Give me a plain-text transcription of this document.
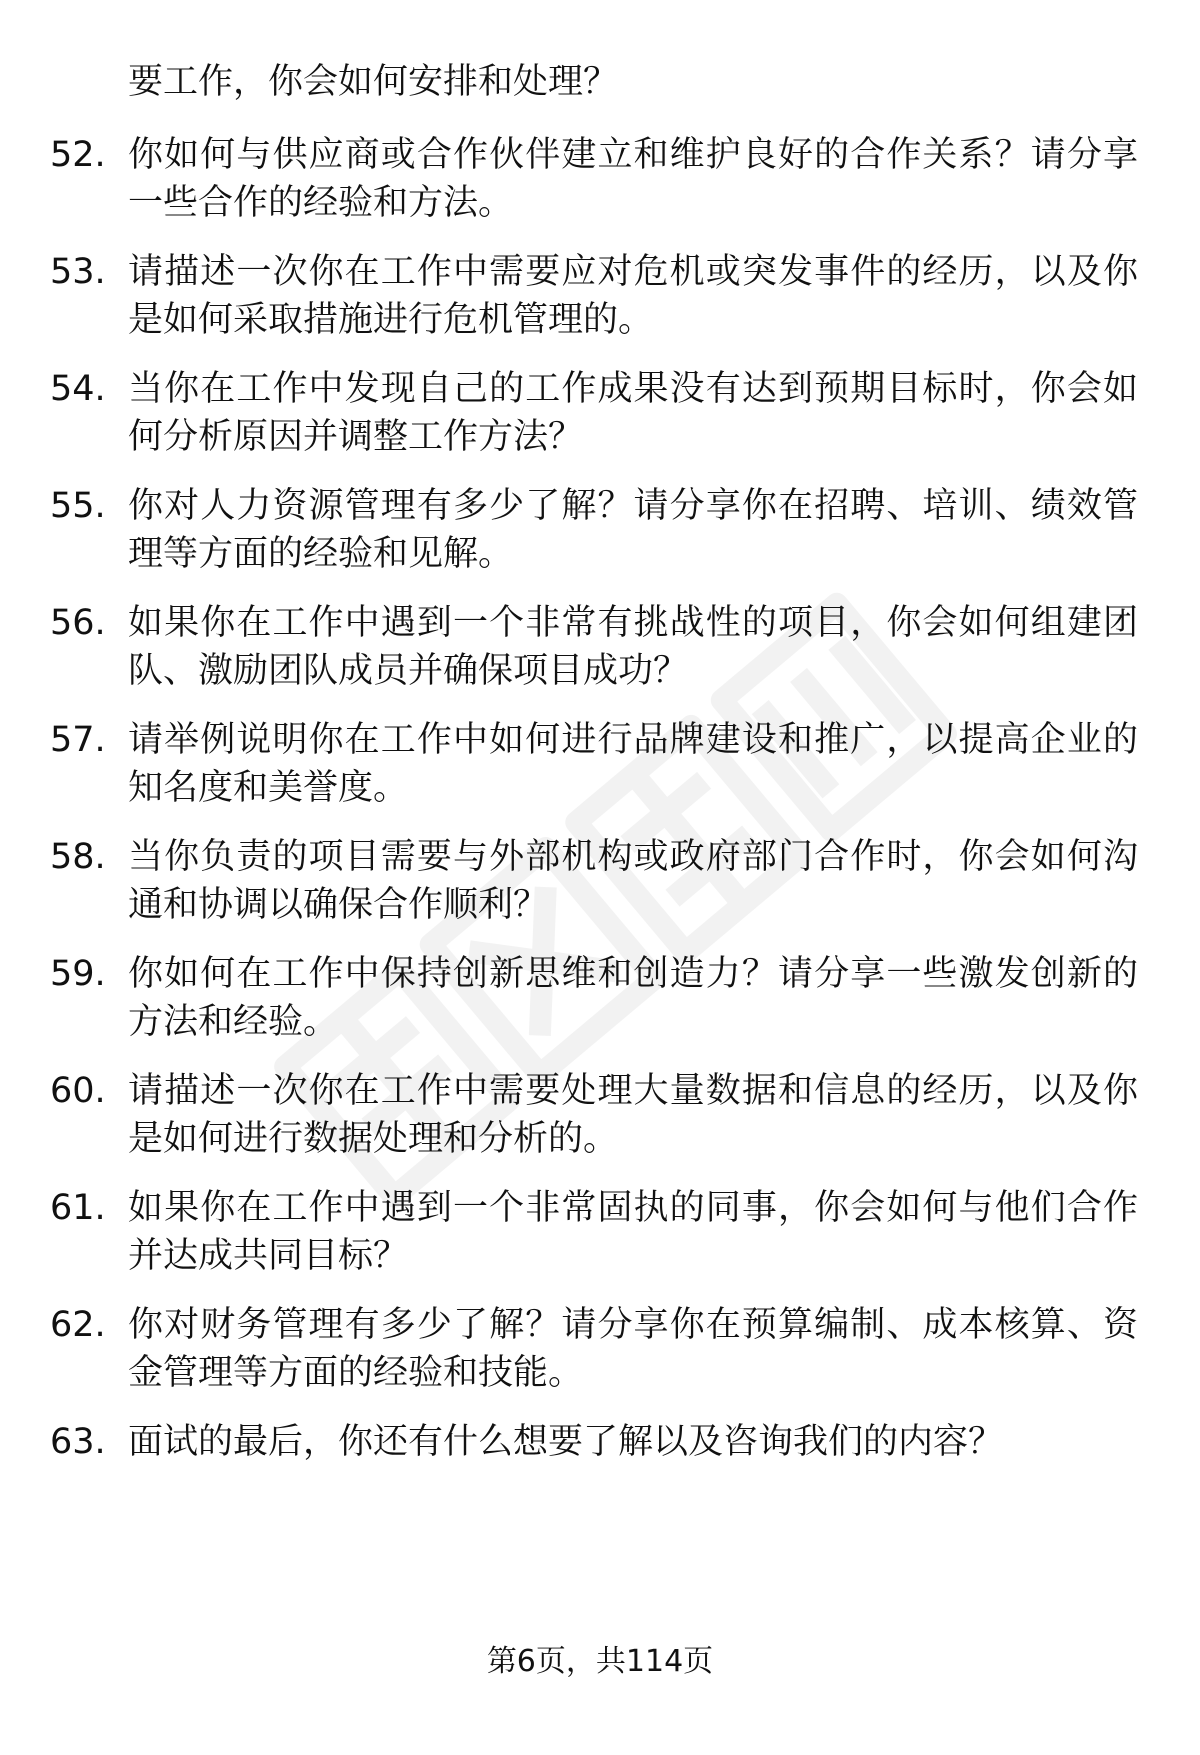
要工作，你会如何安排和处理？

52. 你如何与供应商或合作伙伴建立和维护良好的合作关系？请分享一些合作的经验和方法。
53. 请描述一次你在工作中需要应对危机或突发事件的经历，以及你是如何采取措施进行危机管理的。
54. 当你在工作中发现自己的工作成果没有达到预期目标时，你会如何分析原因并调整工作方法？
55. 你对人力资源管理有多少了解？请分享你在招聘、培训、绩效管理等方面的经验和见解。
56. 如果你在工作中遇到一个非常有挑战性的项目，你会如何组建团队、激励团队成员并确保项目成功？
57. 请举例说明你在工作中如何进行品牌建设和推广，以提高企业的知名度和美誉度。
58. 当你负责的项目需要与外部机构或政府部门合作时，你会如何沟通和协调以确保合作顺利？
59. 你如何在工作中保持创新思维和创造力？请分享一些激发创新的方法和经验。
60. 请描述一次你在工作中需要处理大量数据和信息的经历，以及你是如何进行数据处理和分析的。
61. 如果你在工作中遇到一个非常固执的同事，你会如何与他们合作并达成共同目标？
62. 你对财务管理有多少了解？请分享你在预算编制、成本核算、资金管理等方面的经验和技能。
63. 面试的最后，你还有什么想要了解以及咨询我们的内容？
第6页，共114页
